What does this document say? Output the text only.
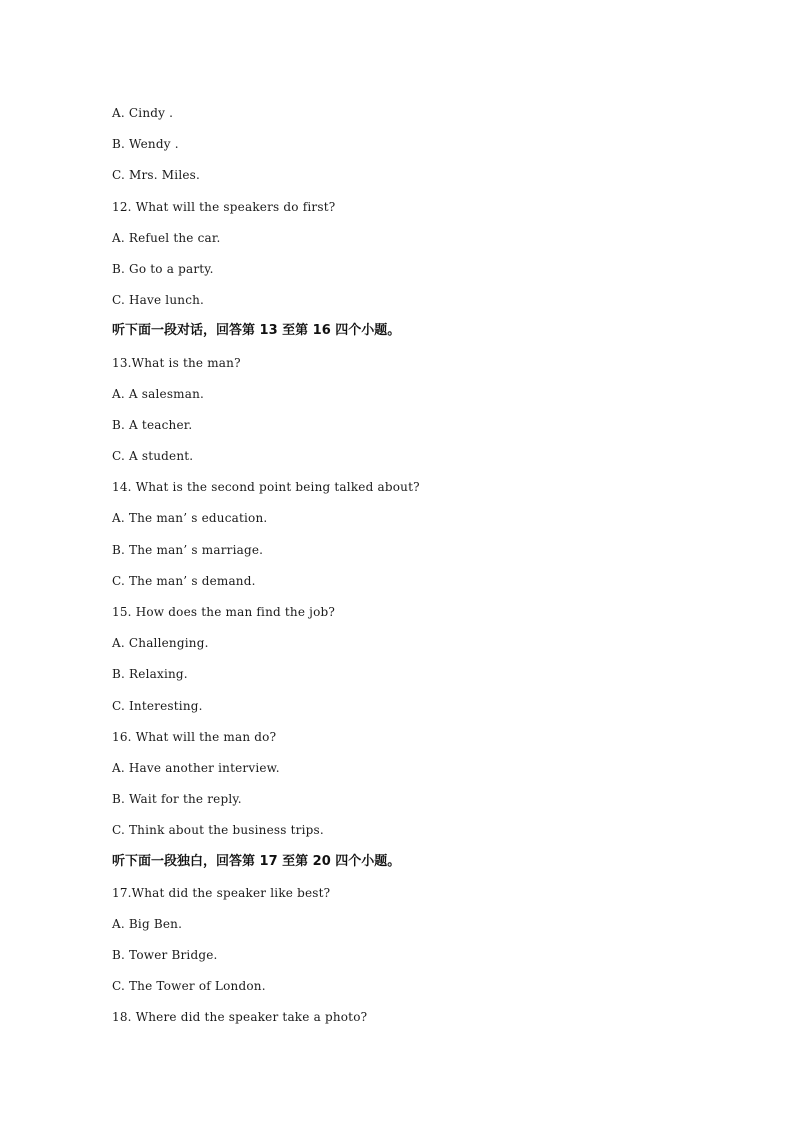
A. Cindy .
B. Wendy .
C. Mrs. Miles.
12. What will the speakers do first?
A. Refuel the car.
B. Go to a party.
C. Have lunch.
听下面一段对话，回答第 13 至第 16 四个小题。
13.What is the man?
A. A salesman.
B. A teacher.
C. A student.
14. What is the second point being talked about?
A. The man’ s education.
B. The man’ s marriage.
C. The man’ s demand.
15. How does the man find the job?
A. Challenging.
B. Relaxing.
C. Interesting.
16. What will the man do?
A. Have another interview.
B. Wait for the reply.
C. Think about the business trips.
听下面一段独白，回答第 17 至第 20 四个小题。
17.What did the speaker like best?
A. Big Ben.
B. Tower Bridge.
C. The Tower of London.
18. Where did the speaker take a photo?
